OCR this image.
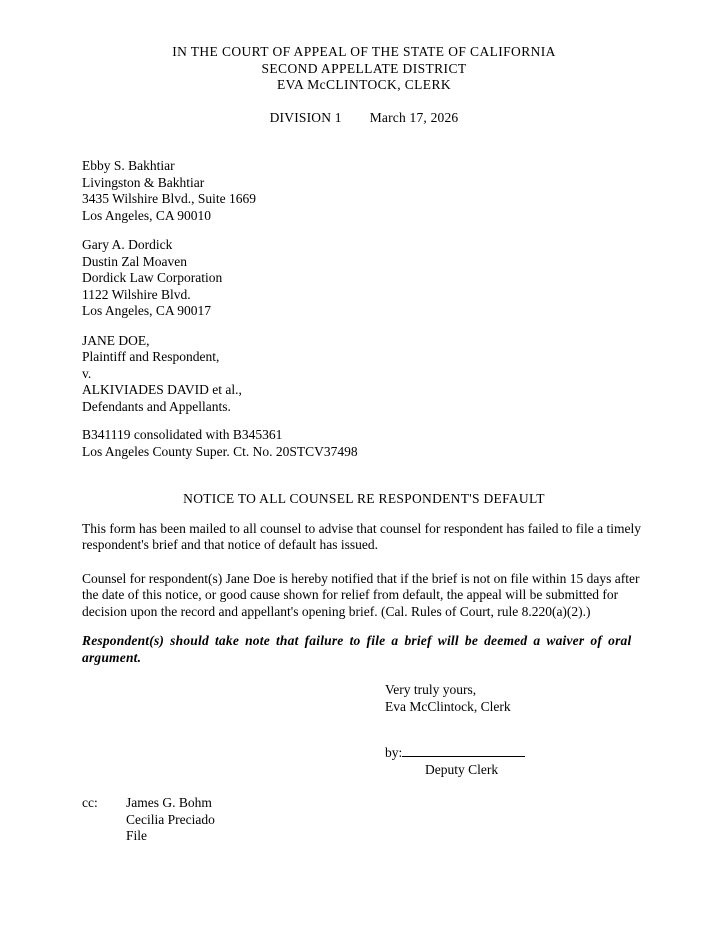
IN THE COURT OF APPEAL OF THE STATE OF CALIFORNIA
SECOND APPELLATE DISTRICT
EVA McCLINTOCK, CLERK
DIVISION 1 March 17, 2026
Ebby S. Bakhtiar
Livingston & Bakhtiar
3435 Wilshire Blvd., Suite 1669
Los Angeles, CA 90010
Gary A. Dordick
Dustin Zal Moaven
Dordick Law Corporation
1122 Wilshire Blvd.
Los Angeles, CA 90017
JANE DOE,
Plaintiff and Respondent,
v.
ALKIVIADES DAVID et al.,
Defendants and Appellants.
B341119 consolidated with B345361
Los Angeles County Super. Ct. No. 20STCV37498
NOTICE TO ALL COUNSEL RE RESPONDENT'S DEFAULT

This form has been mailed to all counsel to advise that counsel for respondent has failed to file a timely respondent's brief and that notice of default has issued.

Counsel for respondent(s) Jane Doe is hereby notified that if the brief is not on file within 15 days after the date of this notice, or good cause shown for relief from default, the appeal will be submitted for decision upon the record and appellant's opening brief. (Cal. Rules of Court, rule 8.220(a)(2).)

Respondent(s) should take note that failure to file a brief will be deemed a waiver of oral argument.

Very truly yours,
Eva McClintock, Clerk
by:
Deputy Clerk
cc:	James G. Bohm
Cecilia Preciado
File
